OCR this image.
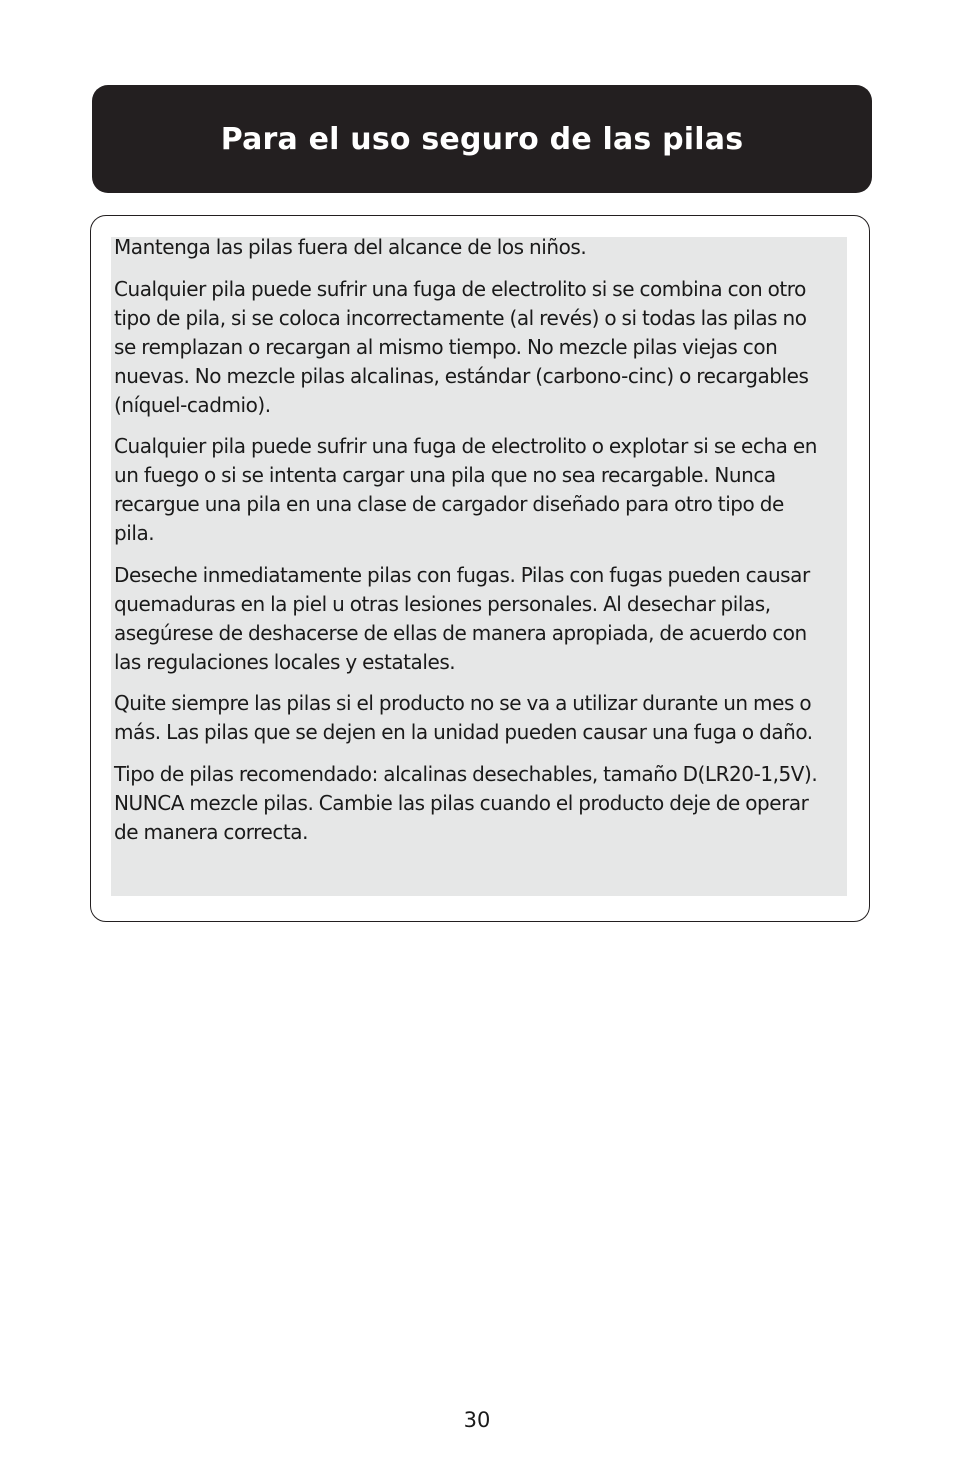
Para el uso seguro de las pilas

Mantenga las pilas fuera del alcance de los niños.

Cualquier pila puede sufrir una fuga de electrolito si se combina con otro tipo de pila, si se coloca incorrectamente (al revés) o si todas las pilas no se remplazan o recargan al mismo tiempo. No mezcle pilas viejas con nuevas. No mezcle pilas alcalinas, estándar (carbono-cinc) o recargables (níquel-cadmio).

Cualquier pila puede sufrir una fuga de electrolito o explotar si se echa en un fuego o si se intenta cargar una pila que no sea recargable. Nunca recargue una pila en una clase de cargador diseñado para otro tipo de pila.

Deseche inmediatamente pilas con fugas. Pilas con fugas pueden causar quemaduras en la piel u otras lesiones personales. Al desechar pilas, asegúrese de deshacerse de ellas de manera apropiada, de acuerdo con las regulaciones locales y estatales.

Quite siempre las pilas si el producto no se va a utilizar durante un mes o más. Las pilas que se dejen en la unidad pueden causar una fuga o daño.

Tipo de pilas recomendado: alcalinas desechables, tamaño D(LR20-1,5V). NUNCA mezcle pilas. Cambie las pilas cuando el producto deje de operar de manera correcta.

30
